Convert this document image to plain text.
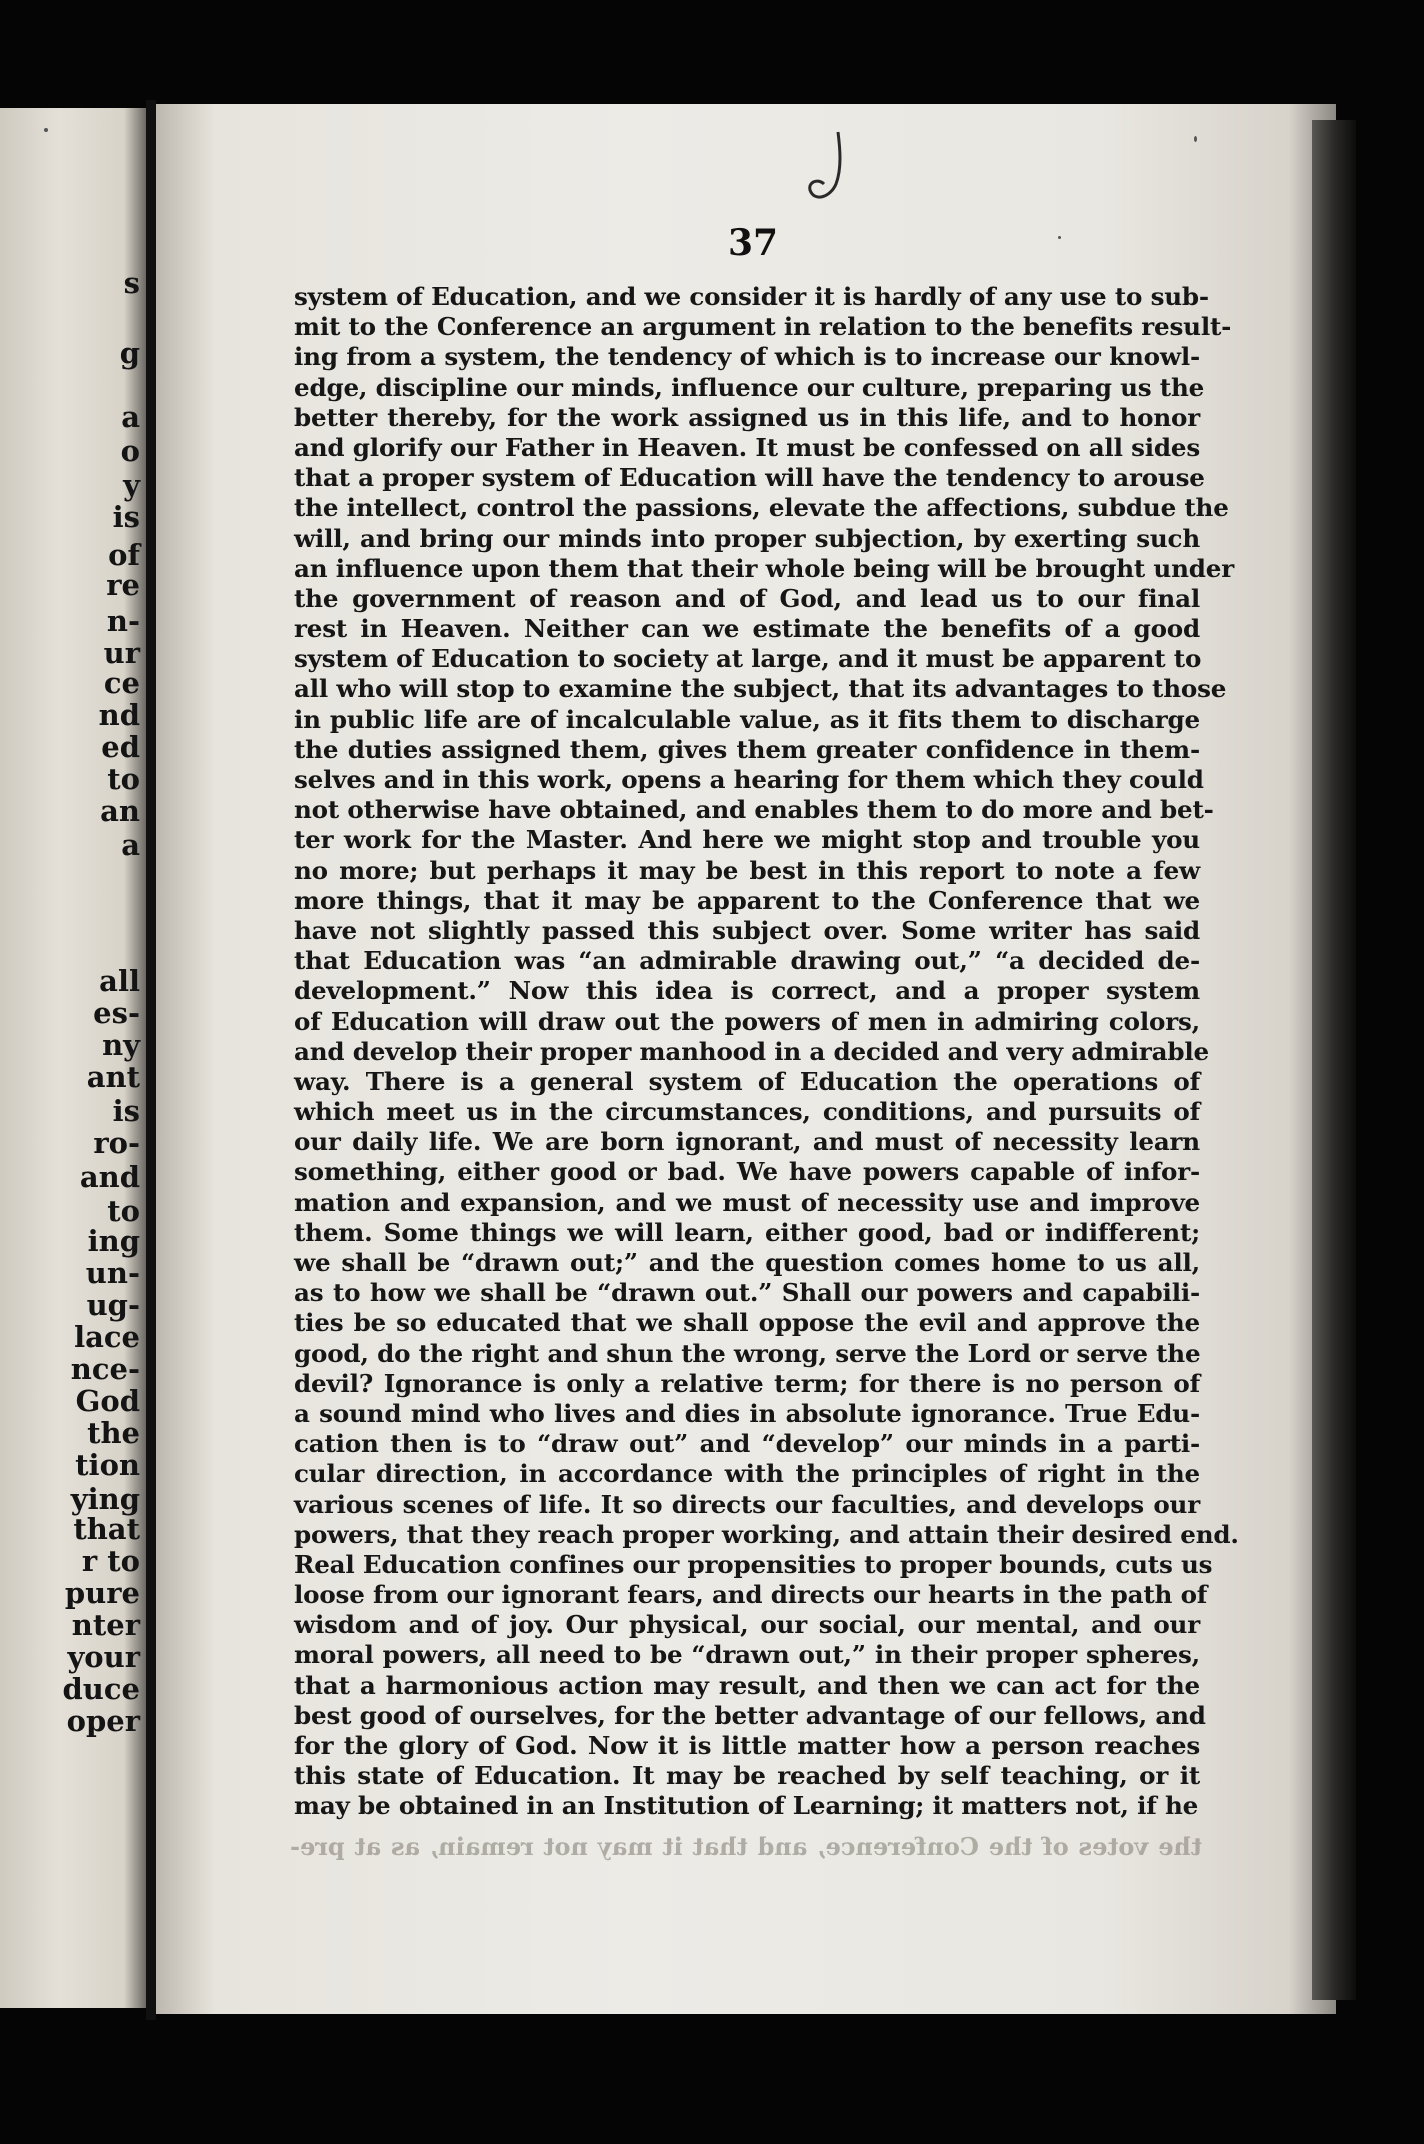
s
g
a
o
y
is
of
re
n-
ur
ce
nd
ed
to
an
a
all
es-
ny
ant
is
ro-
and
to
ing
un-
ug-
lace
nce-
God
the
tion
ying
that
r to
pure
nter
your
duce
oper
37
system of Education, and we consider it is hardly of any use to sub-
mit to the Conference an argument in relation to the benefits result-
ing from a system, the tendency of which is to increase our knowl-
edge, discipline our minds, influence our culture, preparing us the
better thereby, for the work assigned us in this life, and to honor
and glorify our Father in Heaven. It must be confessed on all sides
that a proper system of Education will have the tendency to arouse
the intellect, control the passions, elevate the affections, subdue the
will, and bring our minds into proper subjection, by exerting such
an influence upon them that their whole being will be brought under
the government of reason and of God, and lead us to our final
rest in Heaven. Neither can we estimate the benefits of a good
system of Education to society at large, and it must be apparent to
all who will stop to examine the subject, that its advantages to those
in public life are of incalculable value, as it fits them to discharge
the duties assigned them, gives them greater confidence in them-
selves and in this work, opens a hearing for them which they could
not otherwise have obtained, and enables them to do more and bet-
ter work for the Master. And here we might stop and trouble you
no more; but perhaps it may be best in this report to note a few
more things, that it may be apparent to the Conference that we
have not slightly passed this subject over. Some writer has said
that Education was “an admirable drawing out,” “a decided de-
development.” Now this idea is correct, and a proper system
of Education will draw out the powers of men in admiring colors,
and develop their proper manhood in a decided and very admirable
way. There is a general system of Education the operations of
which meet us in the circumstances, conditions, and pursuits of
our daily life. We are born ignorant, and must of necessity learn
something, either good or bad. We have powers capable of infor-
mation and expansion, and we must of necessity use and improve
them. Some things we will learn, either good, bad or indifferent;
we shall be “drawn out;” and the question comes home to us all,
as to how we shall be “drawn out.” Shall our powers and capabili-
ties be so educated that we shall oppose the evil and approve the
good, do the right and shun the wrong, serve the Lord or serve the
devil? Ignorance is only a relative term; for there is no person of
a sound mind who lives and dies in absolute ignorance. True Edu-
cation then is to “draw out” and “develop” our minds in a parti-
cular direction, in accordance with the principles of right in the
various scenes of life. It so directs our faculties, and develops our
powers, that they reach proper working, and attain their desired end.
Real Education confines our propensities to proper bounds, cuts us
loose from our ignorant fears, and directs our hearts in the path of
wisdom and of joy. Our physical, our social, our mental, and our
moral powers, all need to be “drawn out,” in their proper spheres,
that a harmonious action may result, and then we can act for the
best good of ourselves, for the better advantage of our fellows, and
for the glory of God. Now it is little matter how a person reaches
this state of Education. It may be reached by self teaching, or it
may be obtained in an Institution of Learning; it matters not, if he
the votes of the Conference, and that it may not remain, as at pre-
